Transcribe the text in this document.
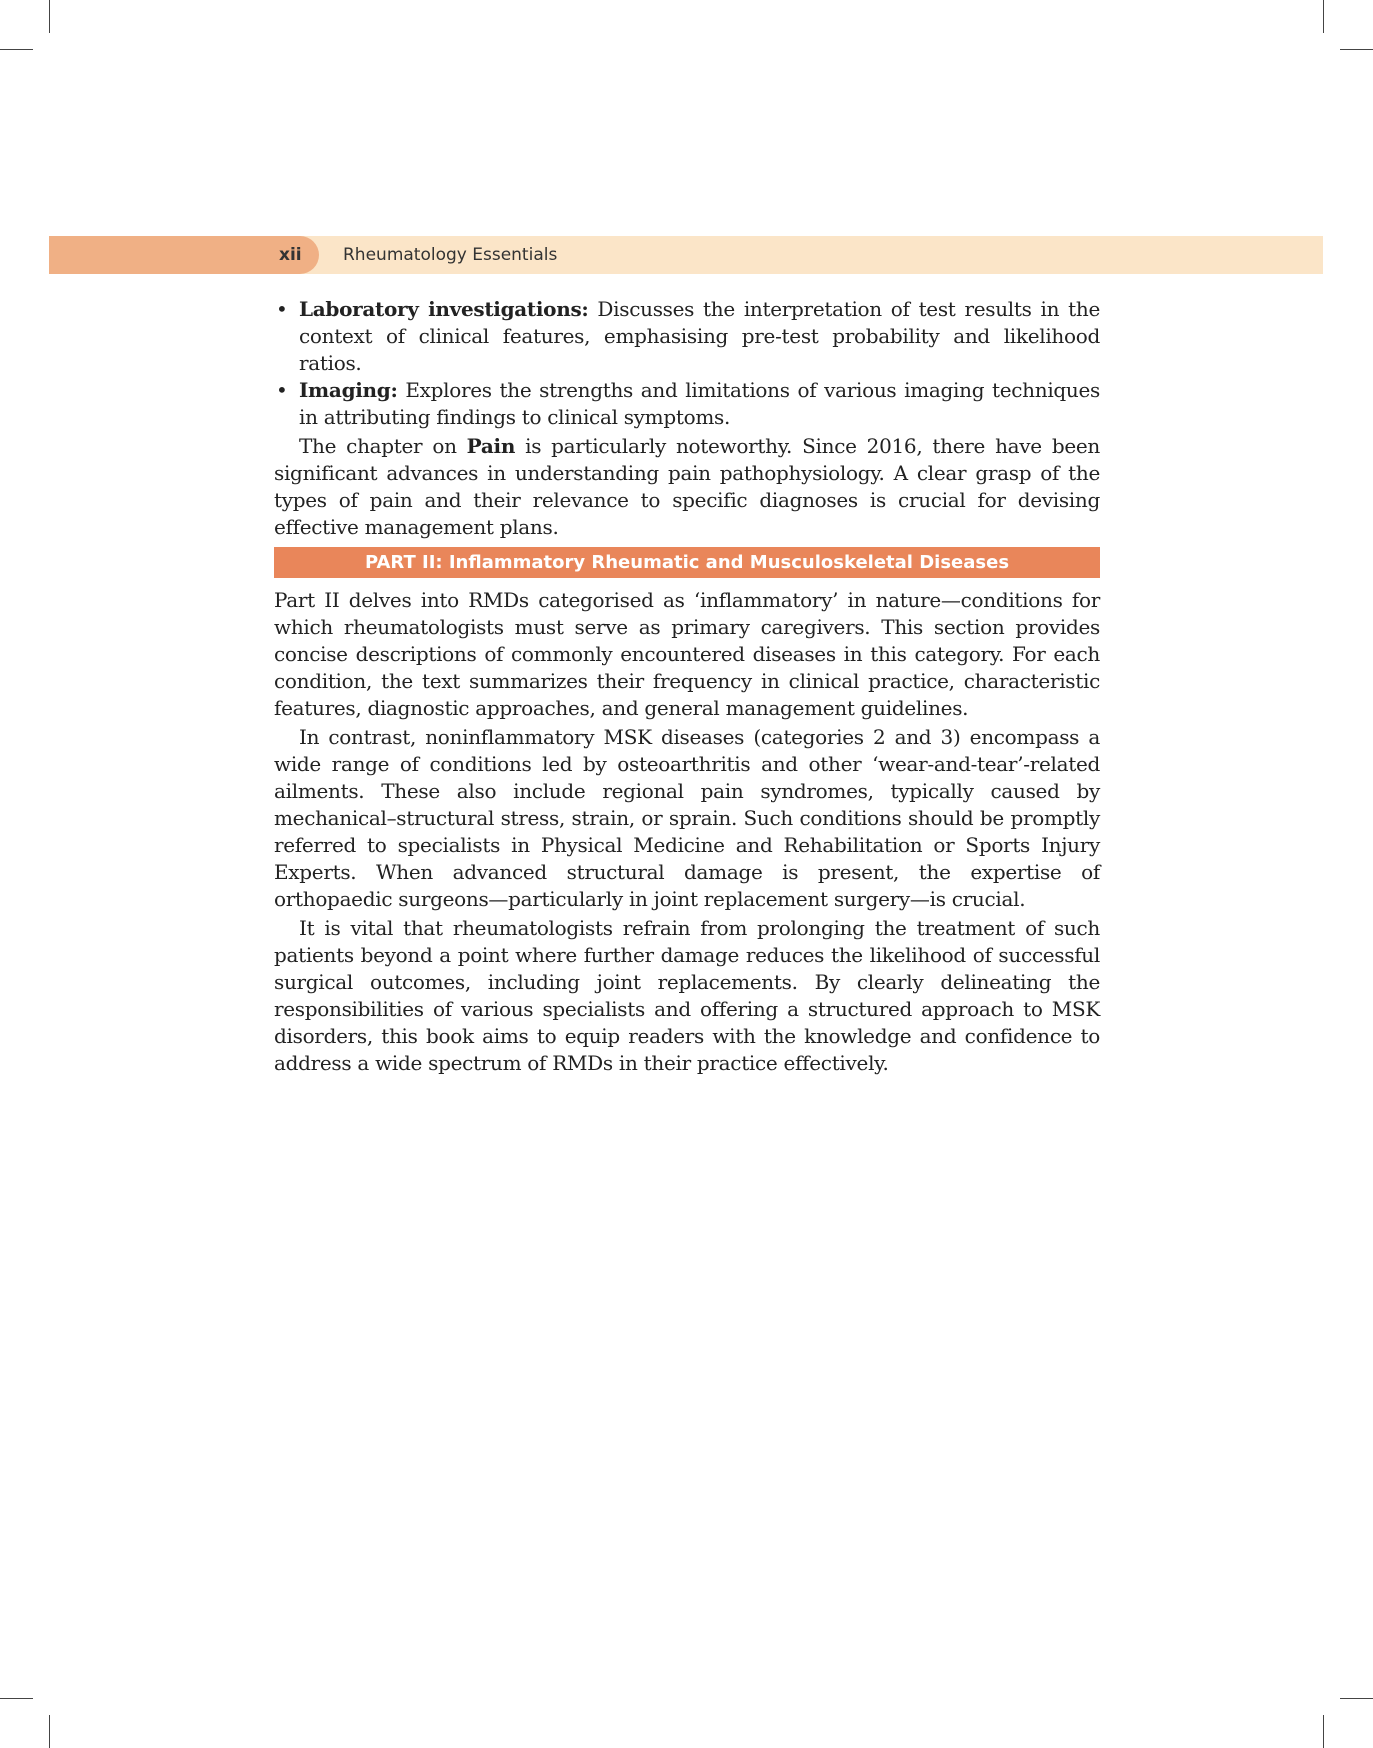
xii Rheumatology Essentials
• Laboratory investigations: Discusses the interpretation of test results in the context of clinical features, emphasising pre-test probability and likelihood ratios.
• Imaging: Explores the strengths and limitations of various imaging techniques in attributing findings to clinical symptoms.

The chapter on Pain is particularly noteworthy. Since 2016, there have been significant advances in understanding pain pathophysiology. A clear grasp of the types of pain and their relevance to specific diagnoses is crucial for devising effective management plans.

PART II: Inflammatory Rheumatic and Musculoskeletal Diseases

Part II delves into RMDs categorised as ‘inflammatory’ in nature—conditions for which rheumatologists must serve as primary caregivers. This section provides concise descriptions of commonly encountered diseases in this category. For each condition, the text summarizes their frequency in clinical practice, characteristic features, diagnostic approaches, and general management guidelines.

In contrast, noninflammatory MSK diseases (categories 2 and 3) encompass a wide range of conditions led by osteoarthritis and other ‘wear-and-tear’-related ailments. These also include regional pain syndromes, typically caused by mechanical–structural stress, strain, or sprain. Such conditions should be promptly referred to specialists in Physical Medicine and Rehabilitation or Sports Injury Experts. When advanced structural damage is present, the expertise of orthopaedic surgeons—particularly in joint replacement surgery—is crucial.

It is vital that rheumatologists refrain from prolonging the treatment of such patients beyond a point where further damage reduces the likelihood of successful surgical outcomes, including joint replacements. By clearly delineating the responsibilities of various specialists and offering a structured approach to MSK disorders, this book aims to equip readers with the knowledge and confidence to address a wide spectrum of RMDs in their practice effectively.
